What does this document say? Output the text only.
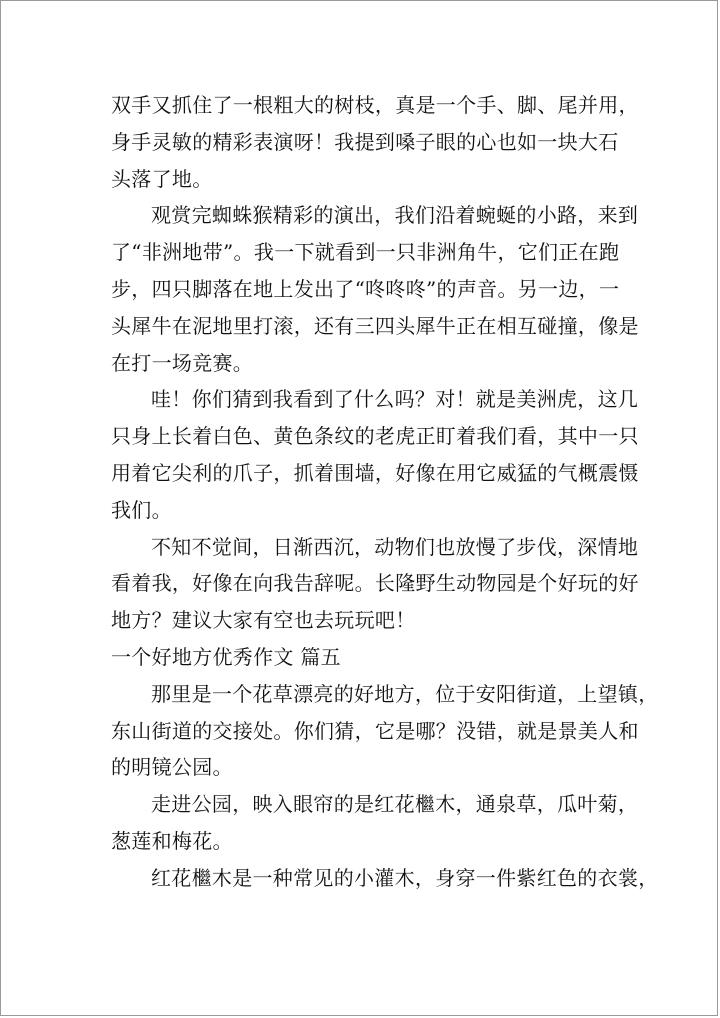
双手又抓住了一根粗大的树枝，真是一个手、脚、尾并用，
身手灵敏的精彩表演呀！我提到嗓子眼的心也如一块大石
头落了地。
观赏完蜘蛛猴精彩的演出，我们沿着蜿蜒的小路，来到
了“非洲地带”。我一下就看到一只非洲角牛，它们正在跑
步，四只脚落在地上发出了“咚咚咚”的声音。另一边，一
头犀牛在泥地里打滚，还有三四头犀牛正在相互碰撞，像是
在打一场竞赛。
哇！你们猜到我看到了什么吗？对！就是美洲虎，这几
只身上长着白色、黄色条纹的老虎正盯着我们看，其中一只
用着它尖利的爪子，抓着围墙，好像在用它威猛的气概震慑
我们。
不知不觉间，日渐西沉，动物们也放慢了步伐，深情地
看着我，好像在向我告辞呢。长隆野生动物园是个好玩的好
地方？建议大家有空也去玩玩吧！
一个好地方优秀作文 篇五
那里是一个花草漂亮的好地方，位于安阳街道，上望镇，
东山街道的交接处。你们猜，它是哪？没错，就是景美人和
的明镜公园。
走进公园，映入眼帘的是红花檵木，通泉草，瓜叶菊，
葱莲和梅花。
红花檵木是一种常见的小灌木，身穿一件紫红色的衣裳，
